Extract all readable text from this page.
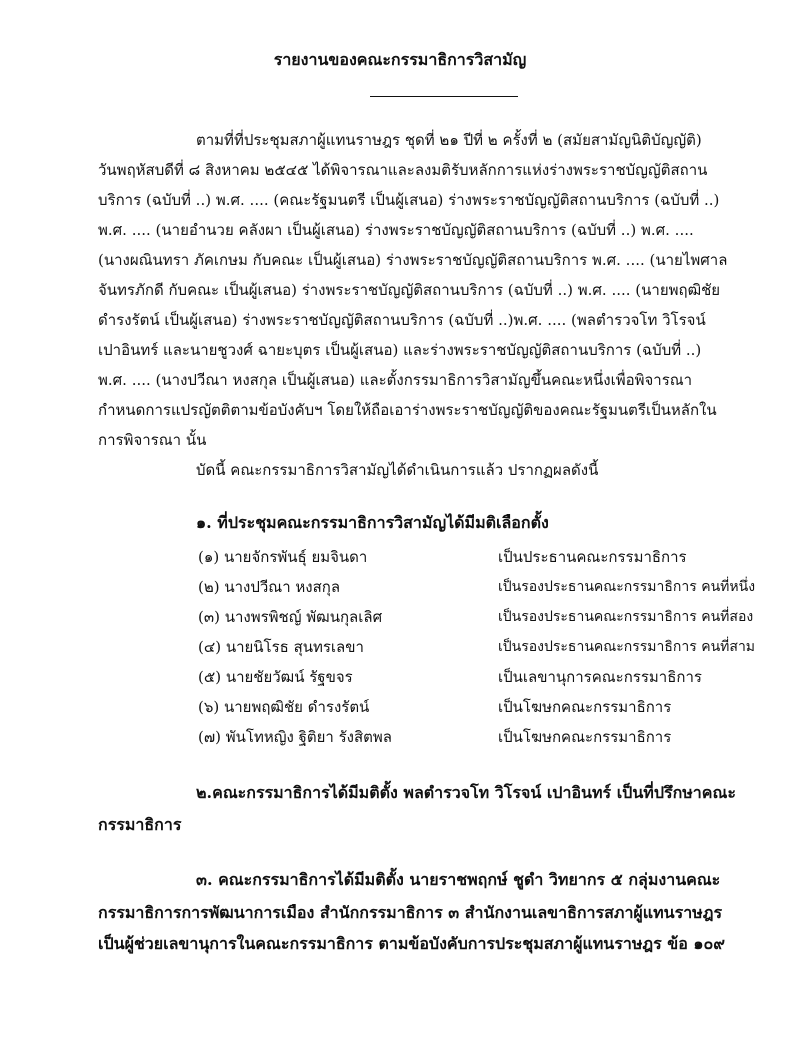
รายงานของคณะกรรมาธิการวิสามัญ
ตามที่ที่ประชุมสภาผู้แทนราษฎร ชุดที่ ๒๑ ปีที่ ๒ ครั้งที่ ๒ (สมัยสามัญนิติบัญญัติ)
วันพฤหัสบดีที่ ๘ สิงหาคม ๒๕๔๕ ได้พิจารณาและลงมติรับหลักการแห่งร่างพระราชบัญญัติสถาน
บริการ (ฉบับที่ ..) พ.ศ. .... (คณะรัฐมนตรี เป็นผู้เสนอ) ร่างพระราชบัญญัติสถานบริการ (ฉบับที่ ..)
พ.ศ. .... (นายอำนวย คลังผา เป็นผู้เสนอ) ร่างพระราชบัญญัติสถานบริการ (ฉบับที่ ..) พ.ศ. ....
(นางผณินทรา ภัคเกษม กับคณะ เป็นผู้เสนอ) ร่างพระราชบัญญัติสถานบริการ พ.ศ. .... (นายไพศาล
จันทรภักดี กับคณะ เป็นผู้เสนอ) ร่างพระราชบัญญัติสถานบริการ (ฉบับที่ ..) พ.ศ. .... (นายพฤฒิชัย
ดำรงรัตน์ เป็นผู้เสนอ) ร่างพระราชบัญญัติสถานบริการ (ฉบับที่ ..)พ.ศ. .... (พลตำรวจโท วิโรจน์
เปาอินทร์ และนายชูวงศ์ ฉายะบุตร เป็นผู้เสนอ) และร่างพระราชบัญญัติสถานบริการ (ฉบับที่ ..)
พ.ศ. .... (นางปวีณา หงสกุล เป็นผู้เสนอ) และตั้งกรรมาธิการวิสามัญขึ้นคณะหนึ่งเพื่อพิจารณา
กำหนดการแปรญัตติตามข้อบังคับฯ โดยให้ถือเอาร่างพระราชบัญญัติของคณะรัฐมนตรีเป็นหลักใน
การพิจารณา นั้น
บัดนี้ คณะกรรมาธิการวิสามัญได้ดำเนินการแล้ว ปรากฏผลดังนี้
๑. ที่ประชุมคณะกรรมาธิการวิสามัญได้มีมติเลือกตั้ง
(๑) นายจักรพันธุ์ ยมจินดา	เป็นประธานคณะกรรมาธิการ
(๒) นางปวีณา หงสกุล	เป็นรองประธานคณะกรรมาธิการ คนที่หนึ่ง
(๓) นางพรพิชญ์ พัฒนกุลเลิศ	เป็นรองประธานคณะกรรมาธิการ คนที่สอง
(๔) นายนิโรธ สุนทรเลขา	เป็นรองประธานคณะกรรมาธิการ คนที่สาม
(๕) นายชัยวัฒน์ รัฐขจร	เป็นเลขานุการคณะกรรมาธิการ
(๖) นายพฤฒิชัย ดำรงรัตน์	เป็นโฆษกคณะกรรมาธิการ
(๗) พันโทหญิง ฐิติยา รังสิตพล	เป็นโฆษกคณะกรรมาธิการ
๒.คณะกรรมาธิการได้มีมติตั้ง พลตำรวจโท วิโรจน์ เปาอินทร์ เป็นที่ปรึกษาคณะ
กรรมาธิการ
๓. คณะกรรมาธิการได้มีมติตั้ง นายราชพฤกษ์ ชูดำ วิทยากร ๕ กลุ่มงานคณะ
กรรมาธิการการพัฒนาการเมือง สำนักกรรมาธิการ ๓ สำนักงานเลขาธิการสภาผู้แทนราษฎร
เป็นผู้ช่วยเลขานุการในคณะกรรมาธิการ ตามข้อบังคับการประชุมสภาผู้แทนราษฎร ข้อ ๑๐๙
